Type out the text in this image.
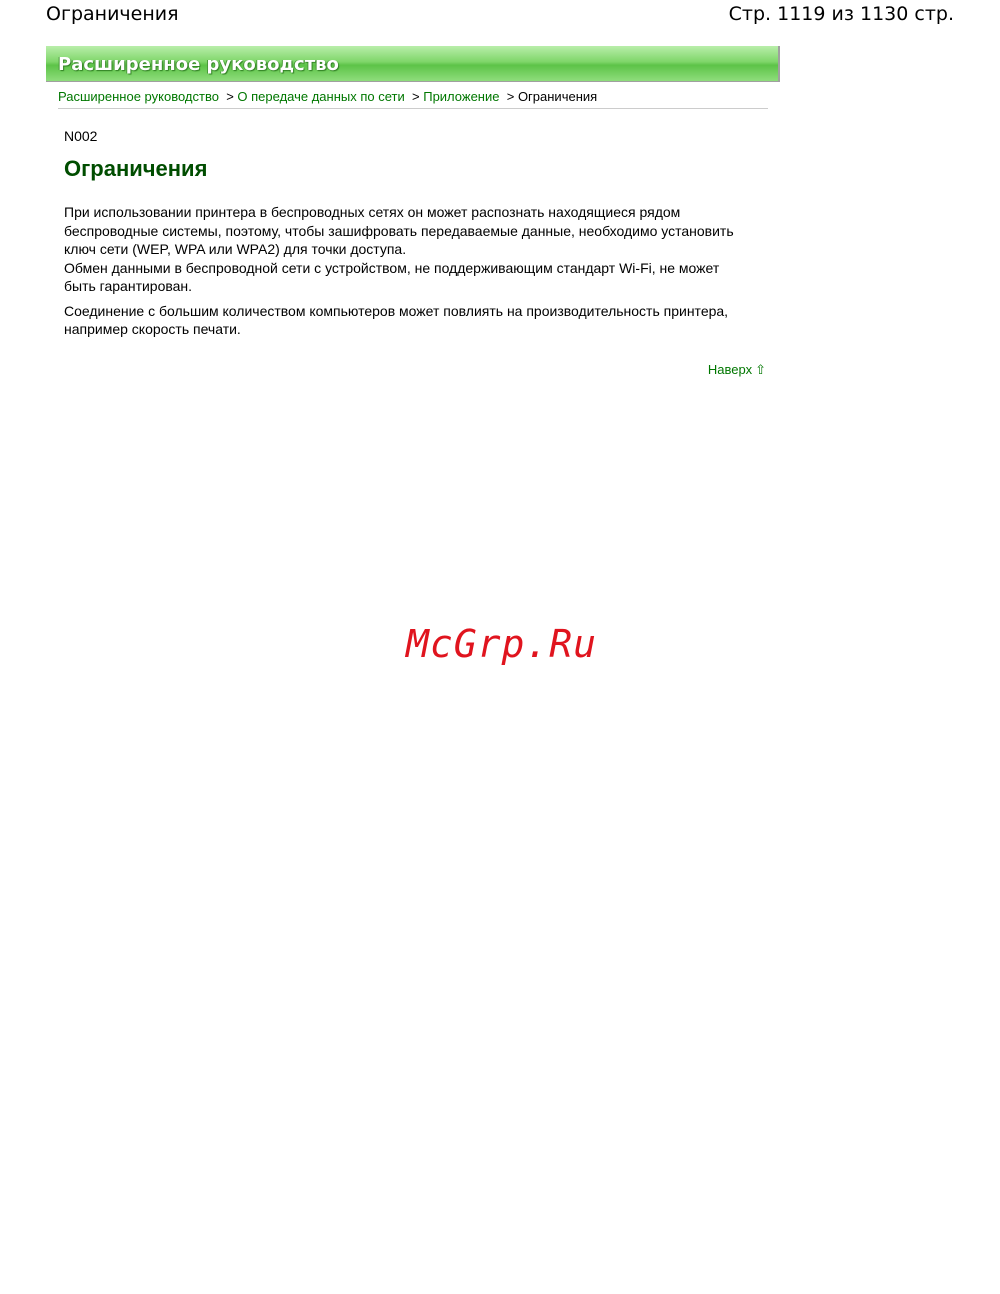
Ограничения	Стр. 1119 из 1130 стр.
Расширенное руководство
Расширенное руководство > О передаче данных по сети > Приложение > Ограничения
N002
Ограничения

При использовании принтера в беспроводных сетях он может распознать находящиеся рядом беспроводные системы, поэтому, чтобы зашифровать передаваемые данные, необходимо установить ключ сети (WEP, WPA или WPA2) для точки доступа.
Обмен данными в беспроводной сети с устройством, не поддерживающим стандарт Wi-Fi, не может быть гарантирован.

Соединение с большим количеством компьютеров может повлиять на производительность принтера, например скорость печати.

Наверх ⇧
McGrp.Ru
